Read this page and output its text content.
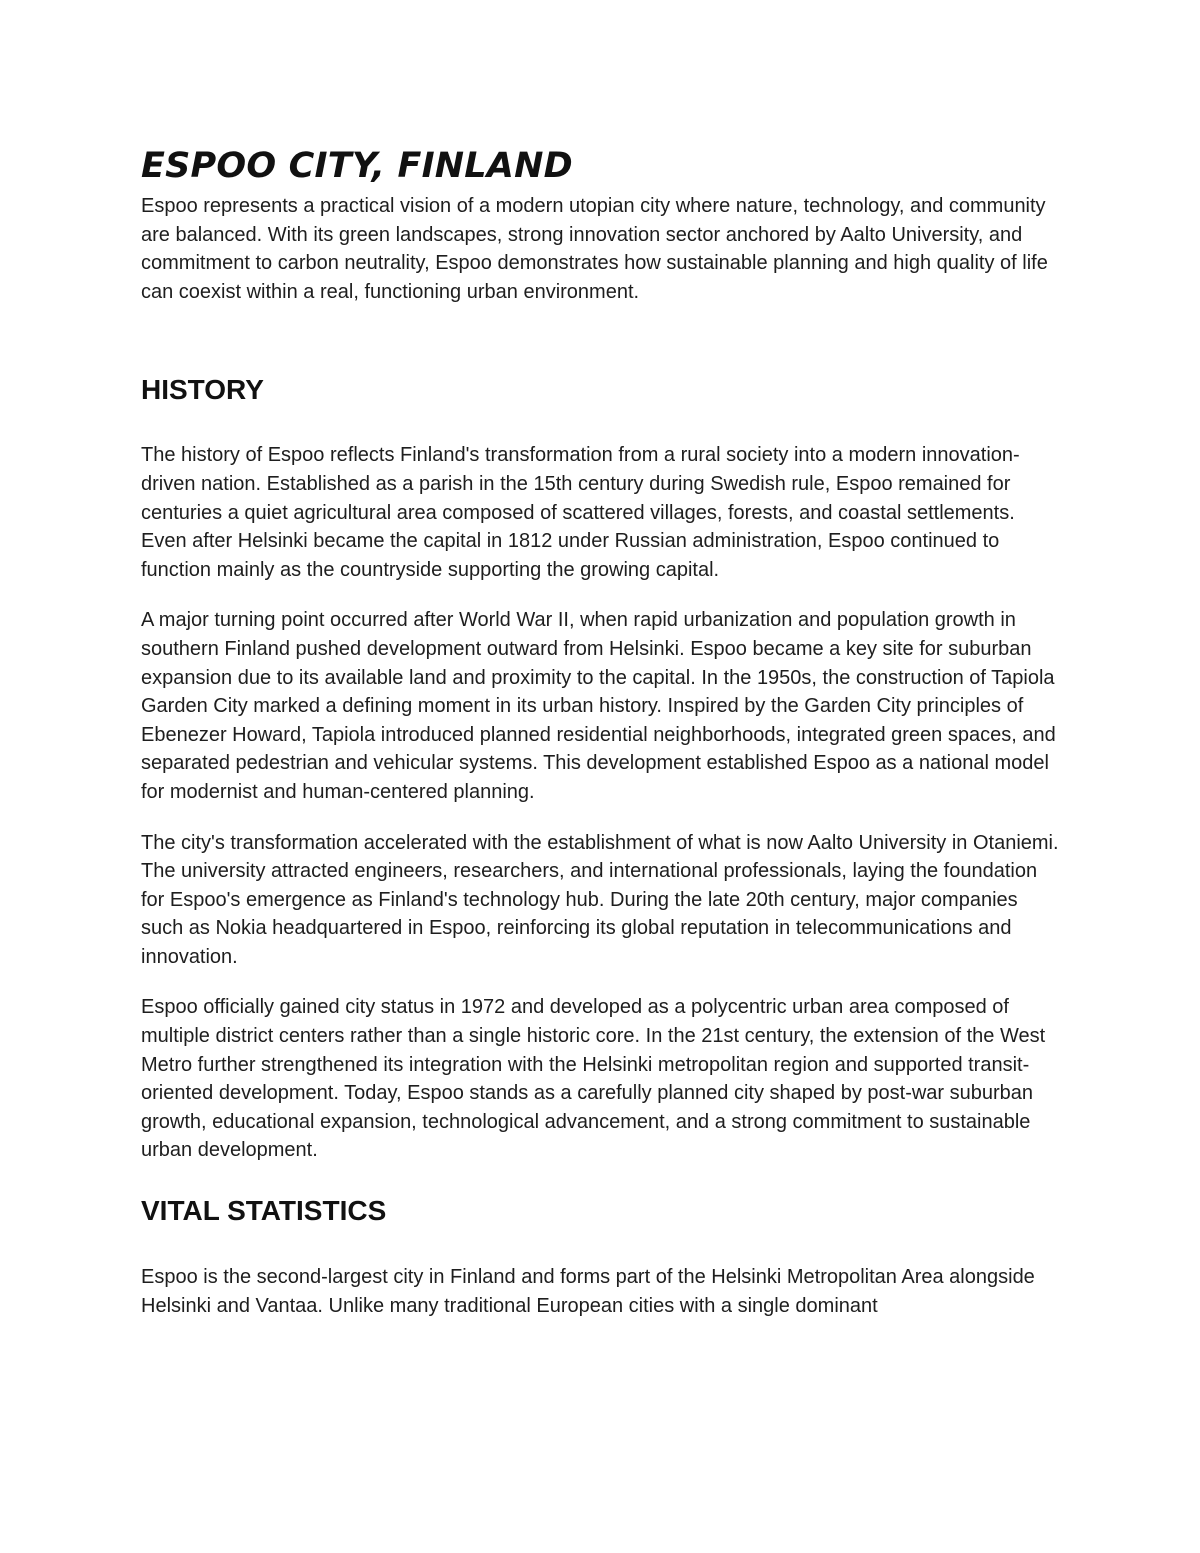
ESPOO CITY, FINLAND

Espoo represents a practical vision of a modern utopian city where nature, technology, and community are balanced. With its green landscapes, strong innovation sector anchored by Aalto University, and commitment to carbon neutrality, Espoo demonstrates how sustainable planning and high quality of life can coexist within a real, functioning urban environment.

HISTORY

The history of Espoo reflects Finland's transformation from a rural society into a modern innovation-driven nation. Established as a parish in the 15th century during Swedish rule, Espoo remained for centuries a quiet agricultural area composed of scattered villages, forests, and coastal settlements. Even after Helsinki became the capital in 1812 under Russian administration, Espoo continued to function mainly as the countryside supporting the growing capital.

A major turning point occurred after World War II, when rapid urbanization and population growth in southern Finland pushed development outward from Helsinki. Espoo became a key site for suburban expansion due to its available land and proximity to the capital. In the 1950s, the construction of Tapiola Garden City marked a defining moment in its urban history. Inspired by the Garden City principles of Ebenezer Howard, Tapiola introduced planned residential neighborhoods, integrated green spaces, and separated pedestrian and vehicular systems. This development established Espoo as a national model for modernist and human-centered planning.

The city's transformation accelerated with the establishment of what is now Aalto University in Otaniemi. The university attracted engineers, researchers, and international professionals, laying the foundation for Espoo's emergence as Finland's technology hub. During the late 20th century, major companies such as Nokia headquartered in Espoo, reinforcing its global reputation in telecommunications and innovation.

Espoo officially gained city status in 1972 and developed as a polycentric urban area composed of multiple district centers rather than a single historic core. In the 21st century, the extension of the West Metro further strengthened its integration with the Helsinki metropolitan region and supported transit-oriented development. Today, Espoo stands as a carefully planned city shaped by post-war suburban growth, educational expansion, technological advancement, and a strong commitment to sustainable urban development.

VITAL STATISTICS

Espoo is the second-largest city in Finland and forms part of the Helsinki Metropolitan Area alongside Helsinki and Vantaa. Unlike many traditional European cities with a single dominant
